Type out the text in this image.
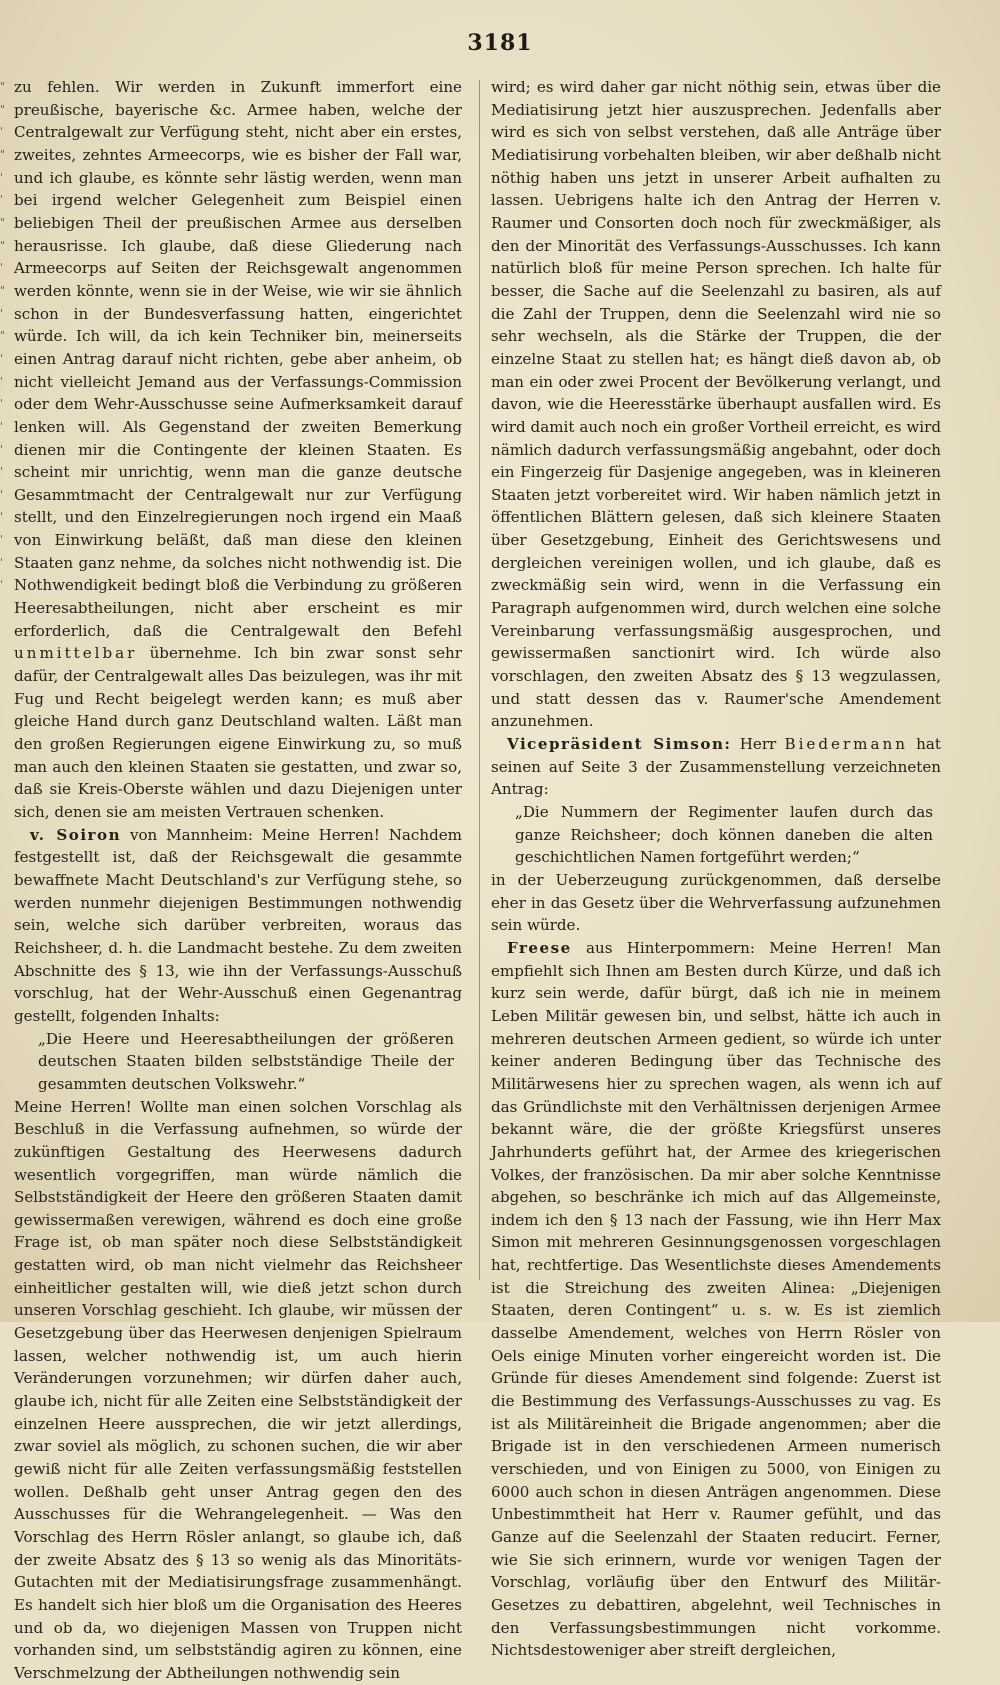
3181
"
"
'
"
'
'
"
"
'
"
'
"
'
'
'
'
'
'
'
'
'
'
'

zu fehlen. Wir werden in Zukunft immerfort eine preußische, bayerische &c. Armee haben, welche der Centralgewalt zur Verfügung steht, nicht aber ein erstes, zweites, zehntes Armeecorps, wie es bisher der Fall war, und ich glaube, es könnte sehr lästig werden, wenn man bei irgend welcher Gelegenheit zum Beispiel einen beliebigen Theil der preußischen Armee aus derselben herausrisse. Ich glaube, daß diese Gliederung nach Armeecorps auf Seiten der Reichsgewalt angenommen werden könnte, wenn sie in der Weise, wie wir sie ähnlich schon in der Bundesverfassung hatten, eingerichtet würde. Ich will, da ich kein Techniker bin, meinerseits einen Antrag darauf nicht richten, gebe aber anheim, ob nicht vielleicht Jemand aus der Verfassungs-Commission oder dem Wehr-Ausschusse seine Aufmerksamkeit darauf lenken will. Als Gegenstand der zweiten Bemerkung dienen mir die Contingente der kleinen Staaten. Es scheint mir unrichtig, wenn man die ganze deutsche Gesammtmacht der Centralgewalt nur zur Verfügung stellt, und den Einzelregierungen noch irgend ein Maaß von Einwirkung beläßt, daß man diese den kleinen Staaten ganz nehme, da solches nicht nothwendig ist. Die Nothwendigkeit bedingt bloß die Verbindung zu größeren Heeresabtheilungen, nicht aber erscheint es mir erforderlich, daß die Centralgewalt den Befehl unmittelbar übernehme. Ich bin zwar sonst sehr dafür, der Centralgewalt alles Das beizulegen, was ihr mit Fug und Recht beigelegt werden kann; es muß aber gleiche Hand durch ganz Deutschland walten. Läßt man den großen Regierungen eigene Einwirkung zu, so muß man auch den kleinen Staaten sie gestatten, und zwar so, daß sie Kreis-Oberste wählen und dazu Diejenigen unter sich, denen sie am meisten Vertrauen schenken.

v. Soiron von Mannheim: Meine Herren! Nachdem festgestellt ist, daß der Reichsgewalt die gesammte bewaffnete Macht Deutschland's zur Verfügung stehe, so werden nunmehr diejenigen Bestimmungen nothwendig sein, welche sich darüber verbreiten, woraus das Reichsheer, d. h. die Landmacht bestehe. Zu dem zweiten Abschnitte des § 13, wie ihn der Verfassungs-Ausschuß vorschlug, hat der Wehr-Ausschuß einen Gegenantrag gestellt, folgenden Inhalts:

„Die Heere und Heeresabtheilungen der größeren deutschen Staaten bilden selbstständige Theile der gesammten deutschen Volkswehr.“

Meine Herren! Wollte man einen solchen Vorschlag als Beschluß in die Verfassung aufnehmen, so würde der zukünftigen Gestaltung des Heerwesens dadurch wesentlich vorgegriffen, man würde nämlich die Selbstständigkeit der Heere den größeren Staaten damit gewissermaßen verewigen, während es doch eine große Frage ist, ob man später noch diese Selbstständigkeit gestatten wird, ob man nicht vielmehr das Reichsheer einheitlicher gestalten will, wie dieß jetzt schon durch unseren Vorschlag geschieht. Ich glaube, wir müssen der Gesetzgebung über das Heerwesen denjenigen Spielraum lassen, welcher nothwendig ist, um auch hierin Veränderungen vorzunehmen; wir dürfen daher auch, glaube ich, nicht für alle Zeiten eine Selbstständigkeit der einzelnen Heere aussprechen, die wir jetzt allerdings, zwar soviel als möglich, zu schonen suchen, die wir aber gewiß nicht für alle Zeiten verfassungsmäßig feststellen wollen. Deßhalb geht unser Antrag gegen den des Ausschusses für die Wehrangelegenheit. — Was den Vorschlag des Herrn Rösler anlangt, so glaube ich, daß der zweite Absatz des § 13 so wenig als das Minoritäts-Gutachten mit der Mediatisirungsfrage zusammenhängt. Es handelt sich hier bloß um die Organisation des Heeres und ob da, wo diejenigen Massen von Truppen nicht vorhanden sind, um selbstständig agiren zu können, eine Verschmelzung der Abtheilungen nothwendig sein

wird; es wird daher gar nicht nöthig sein, etwas über die Mediatisirung jetzt hier auszusprechen. Jedenfalls aber wird es sich von selbst verstehen, daß alle Anträge über Mediatisirung vorbehalten bleiben, wir aber deßhalb nicht nöthig haben uns jetzt in unserer Arbeit aufhalten zu lassen. Uebrigens halte ich den Antrag der Herren v. Raumer und Consorten doch noch für zweckmäßiger, als den der Minorität des Verfassungs-Ausschusses. Ich kann natürlich bloß für meine Person sprechen. Ich halte für besser, die Sache auf die Seelenzahl zu basiren, als auf die Zahl der Truppen, denn die Seelenzahl wird nie so sehr wechseln, als die Stärke der Truppen, die der einzelne Staat zu stellen hat; es hängt dieß davon ab, ob man ein oder zwei Procent der Bevölkerung verlangt, und davon, wie die Heeresstärke überhaupt ausfallen wird. Es wird damit auch noch ein großer Vortheil erreicht, es wird nämlich dadurch verfassungsmäßig angebahnt, oder doch ein Fingerzeig für Dasjenige angegeben, was in kleineren Staaten jetzt vorbereitet wird. Wir haben nämlich jetzt in öffentlichen Blättern gelesen, daß sich kleinere Staaten über Gesetzgebung, Einheit des Gerichtswesens und dergleichen vereinigen wollen, und ich glaube, daß es zweckmäßig sein wird, wenn in die Verfassung ein Paragraph aufgenommen wird, durch welchen eine solche Vereinbarung verfassungsmäßig ausgesprochen, und gewissermaßen sanctionirt wird. Ich würde also vorschlagen, den zweiten Absatz des § 13 wegzulassen, und statt dessen das v. Raumer'sche Amendement anzunehmen.

Vicepräsident Simson: Herr Biedermann hat seinen auf Seite 3 der Zusammenstellung verzeichneten Antrag:

„Die Nummern der Regimenter laufen durch das ganze Reichsheer; doch können daneben die alten geschichtlichen Namen fortgeführt werden;“

in der Ueberzeugung zurückgenommen, daß derselbe eher in das Gesetz über die Wehrverfassung aufzunehmen sein würde.

Freese aus Hinterpommern: Meine Herren! Man empfiehlt sich Ihnen am Besten durch Kürze, und daß ich kurz sein werde, dafür bürgt, daß ich nie in meinem Leben Militär gewesen bin, und selbst, hätte ich auch in mehreren deutschen Armeen gedient, so würde ich unter keiner anderen Bedingung über das Technische des Militärwesens hier zu sprechen wagen, als wenn ich auf das Gründlichste mit den Verhältnissen derjenigen Armee bekannt wäre, die der größte Kriegsfürst unseres Jahrhunderts geführt hat, der Armee des kriegerischen Volkes, der französischen. Da mir aber solche Kenntnisse abgehen, so beschränke ich mich auf das Allgemeinste, indem ich den § 13 nach der Fassung, wie ihn Herr Max Simon mit mehreren Gesinnungsgenossen vorgeschlagen hat, rechtfertige. Das Wesentlichste dieses Amendements ist die Streichung des zweiten Alinea: „Diejenigen Staaten, deren Contingent“ u. s. w. Es ist ziemlich dasselbe Amendement, welches von Herrn Rösler von Oels einige Minuten vorher eingereicht worden ist. Die Gründe für dieses Amendement sind folgende: Zuerst ist die Bestimmung des Verfassungs-Ausschusses zu vag. Es ist als Militäreinheit die Brigade angenommen; aber die Brigade ist in den verschiedenen Armeen numerisch verschieden, und von Einigen zu 5000, von Einigen zu 6000 auch schon in diesen Anträgen angenommen. Diese Unbestimmtheit hat Herr v. Raumer gefühlt, und das Ganze auf die Seelenzahl der Staaten reducirt. Ferner, wie Sie sich erinnern, wurde vor wenigen Tagen der Vorschlag, vorläufig über den Entwurf des Militär-Gesetzes zu debattiren, abgelehnt, weil Technisches in den Verfassungsbestimmungen nicht vorkomme. Nichtsdestoweniger aber streift dergleichen,
